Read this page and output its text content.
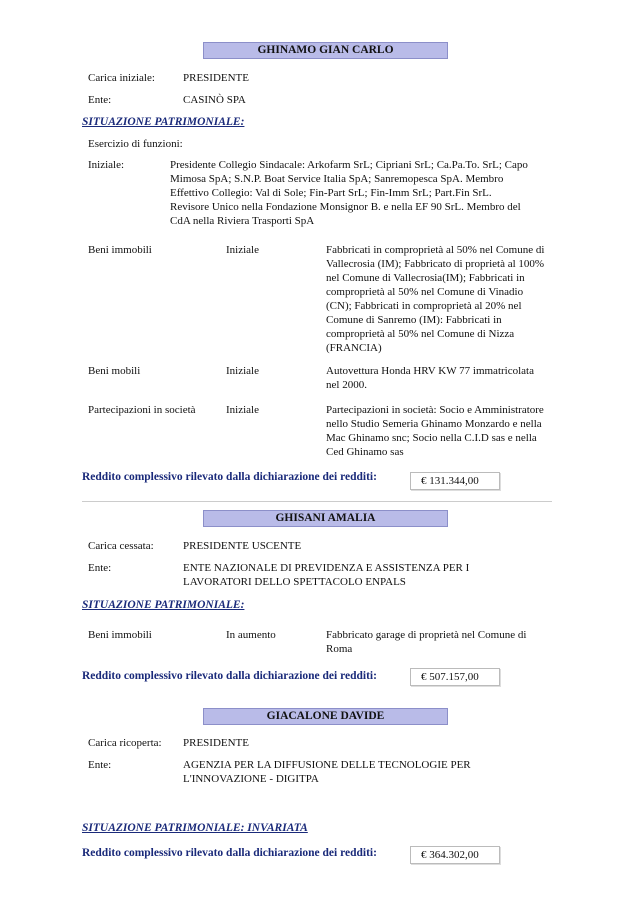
GHINAMO GIAN CARLO
Carica iniziale:	PRESIDENTE
Ente:	CASINÒ SPA
SITUAZIONE PATRIMONIALE:
Esercizio di funzioni:
Iniziale:	Presidente Collegio Sindacale: Arkofarm SrL; Cipriani SrL; Ca.Pa.To. SrL; Capo
Mimosa SpA; S.N.P. Boat Service Italia SpA; Sanremopesca SpA. Membro
Effettivo Collegio: Val di Sole; Fin-Part SrL; Fin-Imm SrL; Part.Fin SrL.
Revisore Unico nella Fondazione Monsignor B. e nella EF 90 SrL. Membro del
CdA nella Riviera Trasporti SpA
Beni immobili	Iniziale	Fabbricati in comproprietà al 50% nel Comune di
Vallecrosia (IM); Fabbricato di proprietà al 100%
nel Comune di Vallecrosia(IM); Fabbricati in
comproprietà al 50% nel Comune di Vinadio
(CN); Fabbricati in comproprietà al 20% nel
Comune di Sanremo (IM): Fabbricati in
comproprietà al 50% nel Comune di Nizza
(FRANCIA)
Beni mobili	Iniziale	Autovettura Honda HRV KW 77 immatricolata
nel 2000.
Partecipazioni in società	Iniziale	Partecipazioni in società: Socio e Amministratore
nello Studio Semeria Ghinamo Monzardo e nella
Mac Ghinamo snc; Socio nella C.I.D sas e nella
Ced Ghinamo sas
Reddito complessivo rilevato dalla dichiarazione dei redditi:	€ 131.344,00
GHISANI AMALIA
Carica cessata:	PRESIDENTE USCENTE
Ente:	ENTE NAZIONALE DI PREVIDENZA E ASSISTENZA PER I
LAVORATORI DELLO SPETTACOLO ENPALS
SITUAZIONE PATRIMONIALE:
Beni immobili	In aumento	Fabbricato garage di proprietà nel Comune di
Roma
Reddito complessivo rilevato dalla dichiarazione dei redditi:	€ 507.157,00
GIACALONE DAVIDE
Carica ricoperta: PRESIDENTE
Ente:	AGENZIA PER LA DIFFUSIONE DELLE TECNOLOGIE PER
L'INNOVAZIONE - DIGITPA
SITUAZIONE PATRIMONIALE: INVARIATA
Reddito complessivo rilevato dalla dichiarazione dei redditi:	€ 364.302,00
